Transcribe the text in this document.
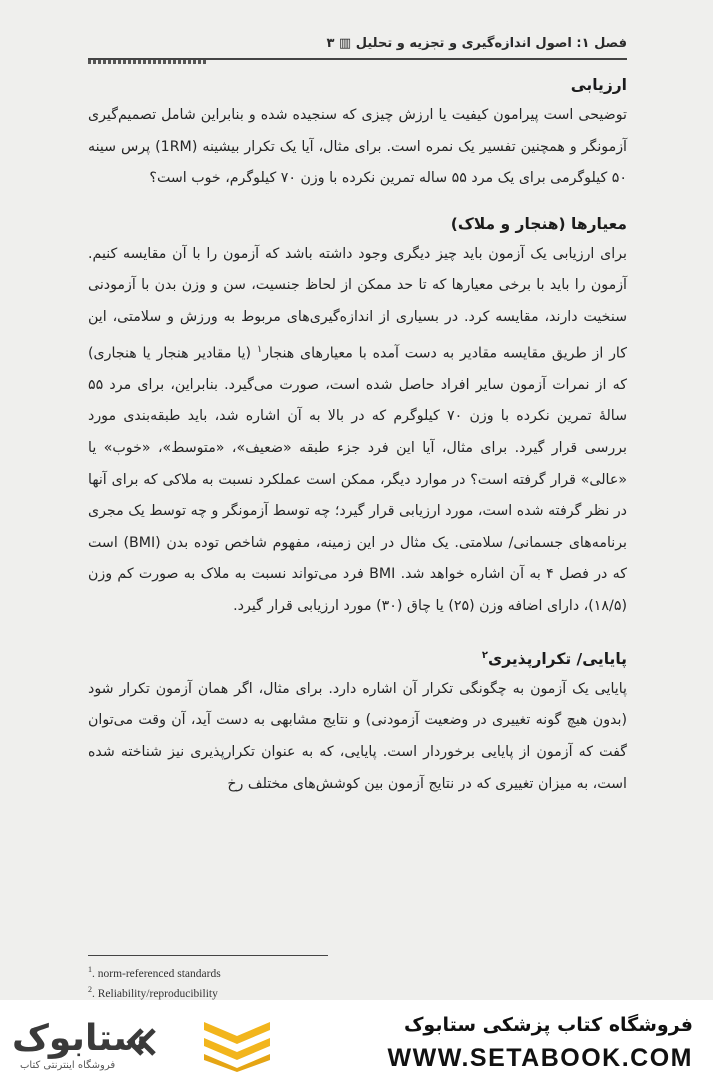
فصل ۱: اصول اندازه‌گیری و تجزیه و تحلیل ▥ ۳
ارزیابی

توضیحی است پیرامون کیفیت یا ارزش چیزی که سنجیده شده و بنابراین شامل تصمیم‌گیری آزمونگر و همچنین تفسیر یک نمره است. برای مثال، آیا یک تکرار بیشینه (1RM) پرس سینه ۵۰ کیلوگرمی برای یک مرد ۵۵ ساله تمرین نکرده با وزن ۷۰ کیلوگرم، خوب است؟

معیارها (هنجار و ملاک)

برای ارزیابی یک آزمون باید چیز دیگری وجود داشته باشد که آزمون را با آن مقایسه کنیم. آزمون را باید با برخی معیارها که تا حد ممکن از لحاظ جنسیت، سن و وزن بدن با آزمودنی سنخیت دارند، مقایسه کرد. در بسیاری از اندازه‌گیری‌های مربوط به ورزش و سلامتی، این کار از طریق مقایسه مقادیر به دست آمده با معیارهای هنجار$^۱$ (یا مقادیر هنجار یا هنجاری) که از نمرات آزمون سایر افراد حاصل شده است، صورت می‌گیرد. بنابراین، برای مرد ۵۵ سالهٔ تمرین نکرده با وزن ۷۰ کیلوگرم که در بالا به آن اشاره شد، باید طبقه‌بندی مورد بررسی قرار گیرد. برای مثال، آیا این فرد جزء طبقه «ضعیف»، «متوسط»، «خوب» یا «عالی» قرار گرفته است؟ در موارد دیگر، ممکن است عملکرد نسبت به ملاکی که برای آنها در نظر گرفته شده است، مورد ارزیابی قرار گیرد؛ چه توسط آزمونگر و چه توسط یک مجری برنامه‌های جسمانی/ سلامتی. یک مثال در این زمینه، مفهوم شاخص توده بدن (BMI) است که در فصل ۴ به آن اشاره خواهد شد. BMI فرد می‌تواند نسبت به ملاک به صورت کم وزن (۱۸/۵)، دارای اضافه وزن (۲۵) یا چاق (۳۰) مورد ارزیابی قرار گیرد.

پایایی/ تکرارپذیری$^۲$

پایایی یک آزمون به چگونگی تکرار آن اشاره دارد. برای مثال، اگر همان آزمون تکرار شود (بدون هیچ گونه تغییری در وضعیت آزمودنی) و نتایج مشابهی به دست آید، آن وقت می‌توان گفت که آزمون از پایایی برخوردار است. پایایی، که به عنوان تکرارپذیری نیز شناخته شده است، به میزان تغییری که در نتایج آزمون بین کوشش‌های مختلف رخ

$^1$. norm-referenced standards
$^2$. Reliability/reproducibility
ستابوک
فروشگاه اینترنتی کتاب
فروشگاه کتاب پزشکی ستابوک
WWW.SETABOOK.COM
